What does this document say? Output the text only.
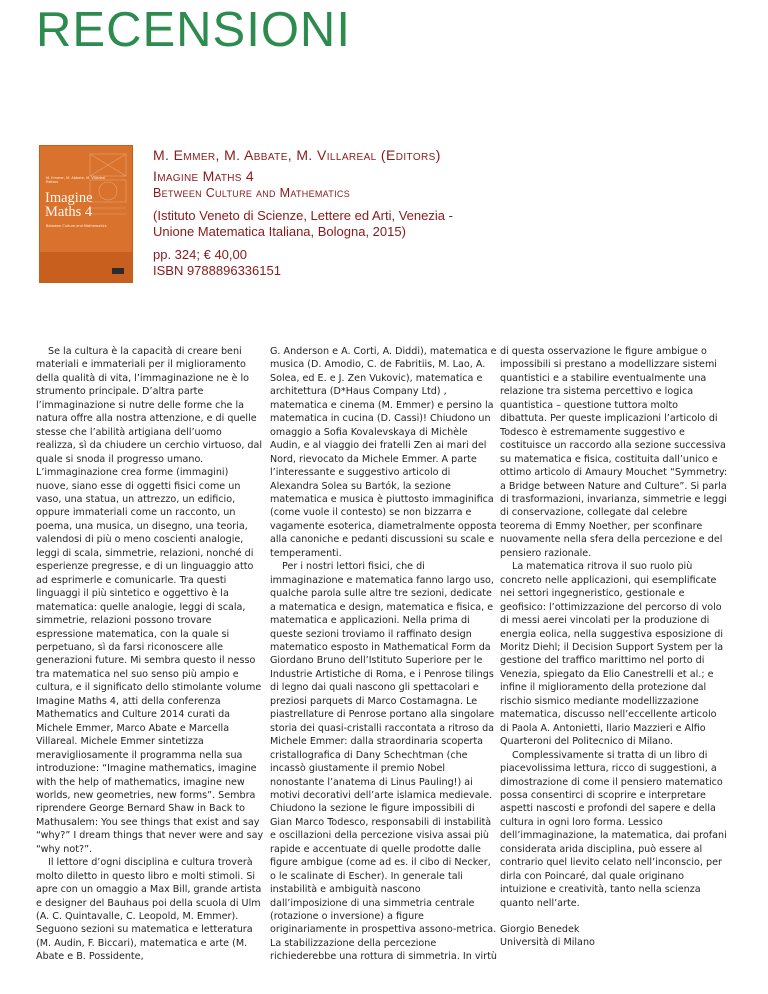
RECENSIONI
M. Emmer, M. Abbate, M. Villareal
Editors
Imagine Maths 4
Between Culture and Mathematics

M. Emmer, M. Abbate, M. Villareal (Editors)

Imagine Maths 4

Between Culture and Mathematics

(Istituto Veneto di Scienze, Lettere ed Arti, Venezia - Unione Matematica Italiana, Bologna, 2015)

pp. 324; € 40,00

ISBN 9788896336151

Se la cultura è la capacità di creare beni materiali e immateriali per il miglioramento della qualità di vita, l’immaginazione ne è lo strumento principale. D’altra parte l’immaginazione si nutre delle forme che la natura offre alla nostra attenzione, e di quelle stesse che l’abilità artigiana dell’uomo realizza, sì da chiudere un cerchio virtuoso, dal quale si snoda il progresso umano. L’immaginazione crea forme (immagini) nuove, siano esse di oggetti fisici come un vaso, una statua, un attrezzo, un edificio, oppure immateriali come un racconto, un poema, una musica, un disegno, una teoria, valendosi di più o meno coscienti analogie, leggi di scala, simmetrie, relazioni, nonché di esperienze pregresse, e di un linguaggio atto ad esprimerle e comunicarle. Tra questi linguaggi il più sintetico e oggettivo è la matematica: quelle analogie, leggi di scala, simmetrie, relazioni possono trovare espressione matematica, con la quale si perpetuano, sì da farsi riconoscere alle generazioni future. Mi sembra questo il nesso tra matematica nel suo senso più ampio e cultura, e il significato dello stimolante volume Imagine Maths 4, atti della conferenza Mathematics and Culture 2014 curati da Michele Emmer, Marco Abate e Marcella Villareal. Michele Emmer sintetizza meravigliosamente il programma nella sua introduzione: “Imagine mathematics, imagine with the help of mathematics, imagine new worlds, new geometries, new forms”. Sembra riprendere George Bernard Shaw in Back to Mathusalem: You see things that exist and say “why?” I dream things that never were and say “why not?”.

Il lettore d’ogni disciplina e cultura troverà molto diletto in questo libro e molti stimoli. Si apre con un omaggio a Max Bill, grande artista e designer del Bauhaus poi della scuola di Ulm (A. C. Quintavalle, C. Leopold, M. Emmer). Seguono sezioni su matematica e letteratura (M. Audin, F. Biccari), matematica e arte (M. Abate e B. Possidente,

G. Anderson e A. Corti, A. Diddi), matematica e musica (D. Amodio, C. de Fabritiis, M. Lao, A. Solea, ed E. e J. Zen Vukovic), matematica e architettura (D*Haus Company Ltd) , matematica e cinema (M. Emmer) e persino la matematica in cucina (D. Cassi)! Chiudono un omaggio a Sofia Kovalevskaya di Michèle Audin, e al viaggio dei fratelli Zen ai mari del Nord, rievocato da Michele Emmer. A parte l’interessante e suggestivo articolo di Alexandra Solea su Bartók, la sezione matematica e musica è piuttosto immaginifica (come vuole il contesto) se non bizzarra e vagamente esoterica, diametralmente opposta alla canoniche e pedanti discussioni su scale e temperamenti.

Per i nostri lettori fisici, che di immaginazione e matematica fanno largo uso, qualche parola sulle altre tre sezioni, dedicate a matematica e design, matematica e fisica, e matematica e applicazioni. Nella prima di queste sezioni troviamo il raffinato design matematico esposto in Mathematical Form da Giordano Bruno dell’Istituto Superiore per le Industrie Artistiche di Roma, e i Penrose tilings di legno dai quali nascono gli spettacolari e preziosi parquets di Marco Costamagna. Le piastrellature di Penrose portano alla singolare storia dei quasi-cristalli raccontata a ritroso da Michele Emmer: dalla straordinaria scoperta cristallografica di Dany Schechtman (che incassò giustamente il premio Nobel nonostante l’anatema di Linus Pauling!) ai motivi decorativi dell’arte islamica medievale. Chiudono la sezione le figure impossibili di Gian Marco Todesco, responsabili di instabilità e oscillazioni della percezione visiva assai più rapide e accentuate di quelle prodotte dalle figure ambigue (come ad es. il cibo di Necker, o le scalinate di Escher). In generale tali instabilità e ambiguità nascono dall’imposizione di una simmetria centrale (rotazione o inversione) a figure originariamente in prospettiva assono-metrica. La stabilizzazione della percezione richiederebbe una rottura di simmetria. In virtù

di questa osservazione le figure ambigue o impossibili si prestano a modellizzare sistemi quantistici e a stabilire eventualmente una relazione tra sistema percettivo e logica quantistica – questione tuttora molto dibattuta. Per queste implicazioni l’articolo di Todesco è estremamente suggestivo e costituisce un raccordo alla sezione successiva su matematica e fisica, costituita dall’unico e ottimo articolo di Amaury Mouchet “Symmetry: a Bridge between Nature and Culture”. Si parla di trasformazioni, invarianza, simmetrie e leggi di conservazione, collegate dal celebre teorema di Emmy Noether, per sconfinare nuovamente nella sfera della percezione e del pensiero razionale.

La matematica ritrova il suo ruolo più concreto nelle applicazioni, qui esemplificate nei settori ingegneristico, gestionale e geofisico: l’ottimizzazione del percorso di volo di messi aerei vincolati per la produzione di energia eolica, nella suggestiva esposizione di Moritz Diehl; il Decision Support System per la gestione del traffico marittimo nel porto di Venezia, spiegato da Elio Canestrelli et al.; e infine il miglioramento della protezione dal rischio sismico mediante modellizzazione matematica, discusso nell’eccellente articolo di Paola A. Antonietti, Ilario Mazzieri e Alfio Quarteroni del Politecnico di Milano.

Complessivamente si tratta di un libro di piacevolissima lettura, ricco di suggestioni, a dimostrazione di come il pensiero matematico possa consentirci di scoprire e interpretare aspetti nascosti e profondi del sapere e della cultura in ogni loro forma. Lessico dell’immaginazione, la matematica, dai profani considerata arida disciplina, può essere al contrario quel lievito celato nell’inconscio, per dirla con Poincaré, dal quale originano intuizione e creatività, tanto nella scienza quanto nell’arte.

Giorgio Benedek

Università di Milano
